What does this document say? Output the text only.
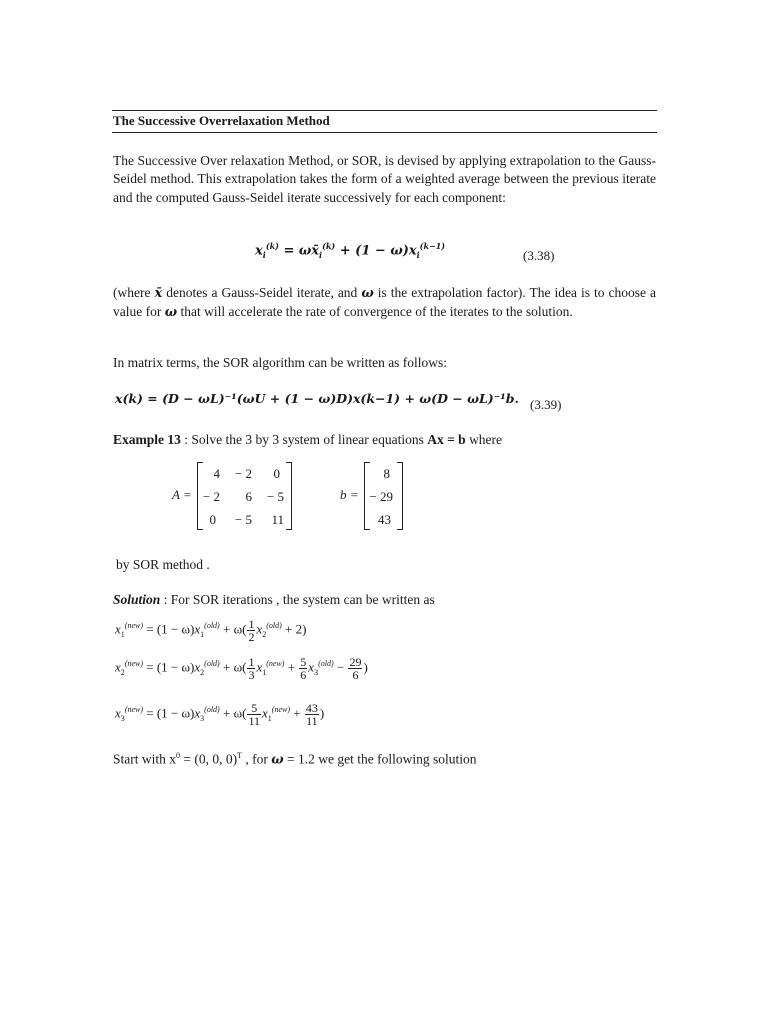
The Successive Overrelaxation Method
The Successive Over relaxation Method, or SOR, is devised by applying extrapolation to the Gauss-Seidel method. This extrapolation takes the form of a weighted average between the previous iterate and the computed Gauss-Seidel iterate successively for each component:
$x_i^{(k)}$ = $\omega x̄_i^{(k)} + (1 - \omega)x_i^{(k-1)}$
(3.38)
(where x̄ denotes a Gauss-Seidel iterate, and ω is the extrapolation factor). The idea is to choose a value for ω that will accelerate the rate of convergence of the iterates to the solution.
In matrix terms, the SOR algorithm can be written as follows:
x(k) = (D − ωL)⁻¹(ωU + (1 − ω)D)x(k−1) + ω(D − ωL)⁻¹b. (3.39)
Example 13 : Solve the 3 by 3 system of linear equations Ax = b where
A =
4	− 2	0
− 2	6	− 5
0	− 5	11
b =
8
− 29
43
by SOR method .
Solution : For SOR iterations , the system can be written as
$x_1^{(new)} = (1 - \omega)x_1^{(old)} + \omega( \frac{1}{2} x_2^{(old)} + 2)$
$x_2^{(new)} = (1 - \omega)x_2^{(old)} + \omega( \frac{1}{3} x_1^{(new)} + \frac{5}{6} x_3^{(old)} - \frac{29}{6}$ )
$x_3^{(new)} = (1 - \omega)x_3^{(old)} + \omega( \frac{5}{11} x_1^{(new)} + \frac{43}{11}$ )
Start with $x^0 = (0$, 0, 0)$^T$ , for ω = 1.2 we get the following solution
